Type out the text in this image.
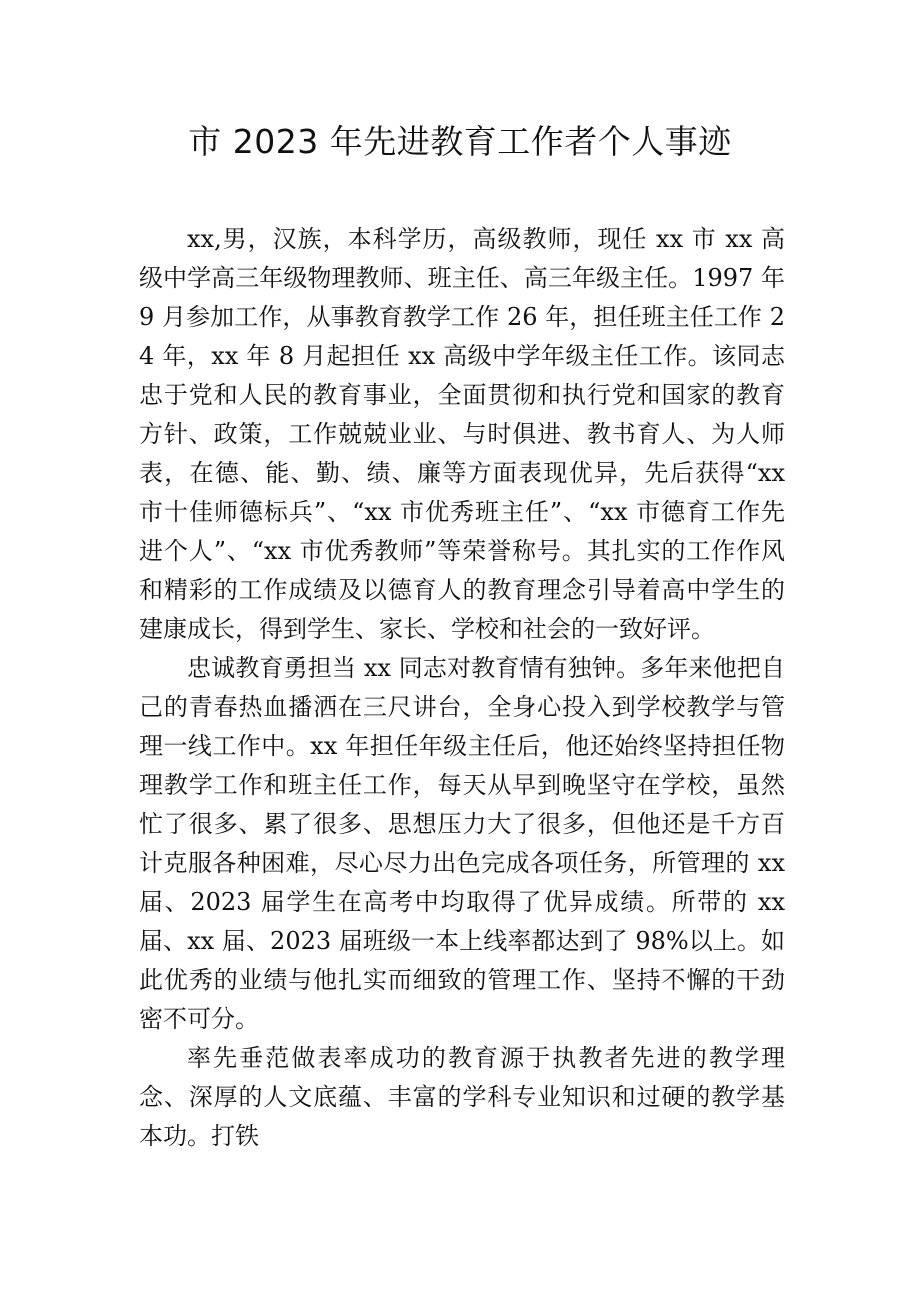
市 2023 年先进教育工作者个人事迹

xx,男，汉族，本科学历，高级教师，现任 xx 市 xx 高级中学高三年级物理教师、班主任、高三年级主任。1997 年 9 月参加工作，从事教育教学工作 26 年，担任班主任工作 24 年，xx 年 8 月起担任 xx 高级中学年级主任工作。该同志忠于党和人民的教育事业，全面贯彻和执行党和国家的教育方针、政策，工作兢兢业业、与时俱进、教书育人、为人师表，在德、能、勤、绩、廉等方面表现优异，先后获得“xx 市十佳师德标兵”、“xx 市优秀班主任”、“xx 市德育工作先进个人”、“xx 市优秀教师”等荣誉称号。其扎实的工作作风和精彩的工作成绩及以德育人的教育理念引导着高中学生的建康成长，得到学生、家长、学校和社会的一致好评。

忠诚教育勇担当 xx 同志对教育情有独钟。多年来他把自己的青春热血播洒在三尺讲台，全身心投入到学校教学与管理一线工作中。xx 年担任年级主任后，他还始终坚持担任物理教学工作和班主任工作，每天从早到晚坚守在学校，虽然忙了很多、累了很多、思想压力大了很多，但他还是千方百计克服各种困难，尽心尽力出色完成各项任务，所管理的 xx 届、2023 届学生在高考中均取得了优异成绩。所带的 xx 届、xx 届、2023 届班级一本上线率都达到了 98%以上。如此优秀的业绩与他扎实而细致的管理工作、坚持不懈的干劲密不可分。

率先垂范做表率成功的教育源于执教者先进的教学理念、深厚的人文底蕴、丰富的学科专业知识和过硬的教学基本功。打铁
